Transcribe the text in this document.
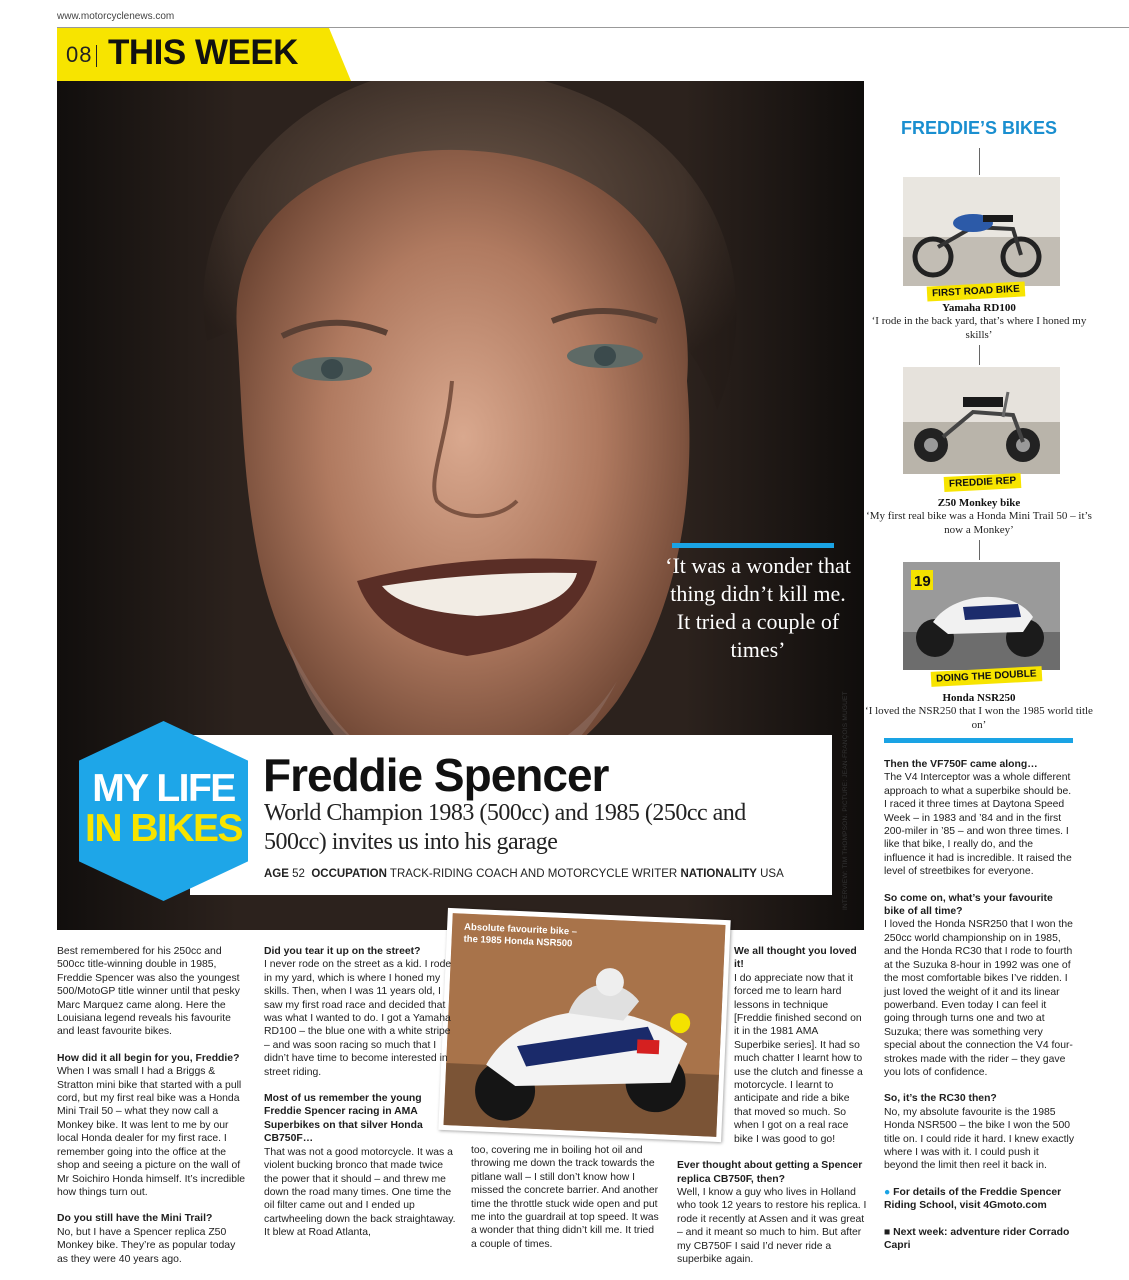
www.motorcyclenews.com
08 THIS WEEK
‘It was a wonder that thing didn’t kill me. It tried a couple of times’
INTERVIEW: TIM THOMPSON. PICTURE: JEAN-FRANÇOIS MUGUET
MY LIFE
IN BIKES
Freddie Spencer
World Champion 1983 (500cc) and 1985 (250cc and 500cc) invites us into his garage
AGE 52 OCCUPATION TRACK-RIDING COACH AND MOTORCYCLE WRITER NATIONALITY USA
FREDDIE’S BIKES
FIRST ROAD BIKE
Yamaha RD100
‘I rode in the back yard, that’s where I honed my skills’
FREDDIE REP
Z50 Monkey bike
‘My first real bike was a Honda Mini Trail 50 – it’s now a Monkey’
19
DOING THE DOUBLE
Honda NSR250
‘I loved the NSR250 that I won the 1985 world title on’
Absolute favourite bike – the 1985 Honda NSR500

Best remembered for his 250cc and 500cc title-winning double in 1985, Freddie Spencer was also the youngest 500/MotoGP title winner until that pesky Marc Marquez came along. Here the Louisiana legend reveals his favourite and least favourite bikes.

How did it all begin for you, Freddie?
When I was small I had a Briggs & Stratton mini bike that started with a pull cord, but my first real bike was a Honda Mini Trail 50 – what they now call a Monkey bike. It was lent to me by our local Honda dealer for my first race. I remember going into the office at the shop and seeing a picture on the wall of Mr Soichiro Honda himself. It’s incredible how things turn out.

Do you still have the Mini Trail?
No, but I have a Spencer replica Z50 Monkey bike. They’re as popular today as they were 40 years ago.

Did you tear it up on the street?
I never rode on the street as a kid. I rode in my yard, which is where I honed my skills. Then, when I was 11 years old, I saw my first road race and decided that was what I wanted to do. I got a Yamaha RD100 – the blue one with a white stripe – and was soon racing so much that I didn’t have time to become interested in street riding.

Most of us remember the young Freddie Spencer racing in AMA Superbikes on that silver Honda CB750F…
That was not a good motorcycle. It was a violent bucking bronco that made twice the power that it should – and threw me down the road many times. One time the oil filter came out and I ended up cartwheeling down the back straightaway. It blew at Road Atlanta,

too, covering me in boiling hot oil and throwing me down the track towards the pitlane wall – I still don’t know how I missed the concrete barrier. And another time the throttle stuck wide open and put me into the guardrail at top speed. It was a wonder that thing didn’t kill me. It tried a couple of times.

We all thought you loved it!
I do appreciate now that it forced me to learn hard lessons in technique [Freddie finished second on it in the 1981 AMA Superbike series]. It had so much chatter I learnt how to use the clutch and finesse a motorcycle. I learnt to anticipate and ride a bike that moved so much. So when I got on a real race bike I was good to go!

Ever thought about getting a Spencer replica CB750F, then?
Well, I know a guy who lives in Holland who took 12 years to restore his replica. I rode it recently at Assen and it was great – and it meant so much to him. But after my CB750F I said I’d never ride a superbike again.

Then the VF750F came along…
The V4 Interceptor was a whole different approach to what a superbike should be. I raced it three times at Daytona Speed Week – in 1983 and ’84 and in the first 200-miler in ’85 – and won three times. I like that bike, I really do, and the influence it had is incredible. It raised the level of streetbikes for everyone.

So come on, what’s your favourite bike of all time?
I loved the Honda NSR250 that I won the 250cc world championship on in 1985, and the Honda RC30 that I rode to fourth at the Suzuka 8-hour in 1992 was one of the most comfortable bikes I’ve ridden. I just loved the weight of it and its linear powerband. Even today I can feel it going through turns one and two at Suzuka; there was something very special about the connection the V4 four-strokes made with the rider – they gave you lots of confidence.

So, it’s the RC30 then?
No, my absolute favourite is the 1985 Honda NSR500 – the bike I won the 500 title on. I could ride it hard. I knew exactly where I was with it. I could push it beyond the limit then reel it back in.

● For details of the Freddie Spencer Riding School, visit 4Gmoto.com

■ Next week: adventure rider Corrado Capri
